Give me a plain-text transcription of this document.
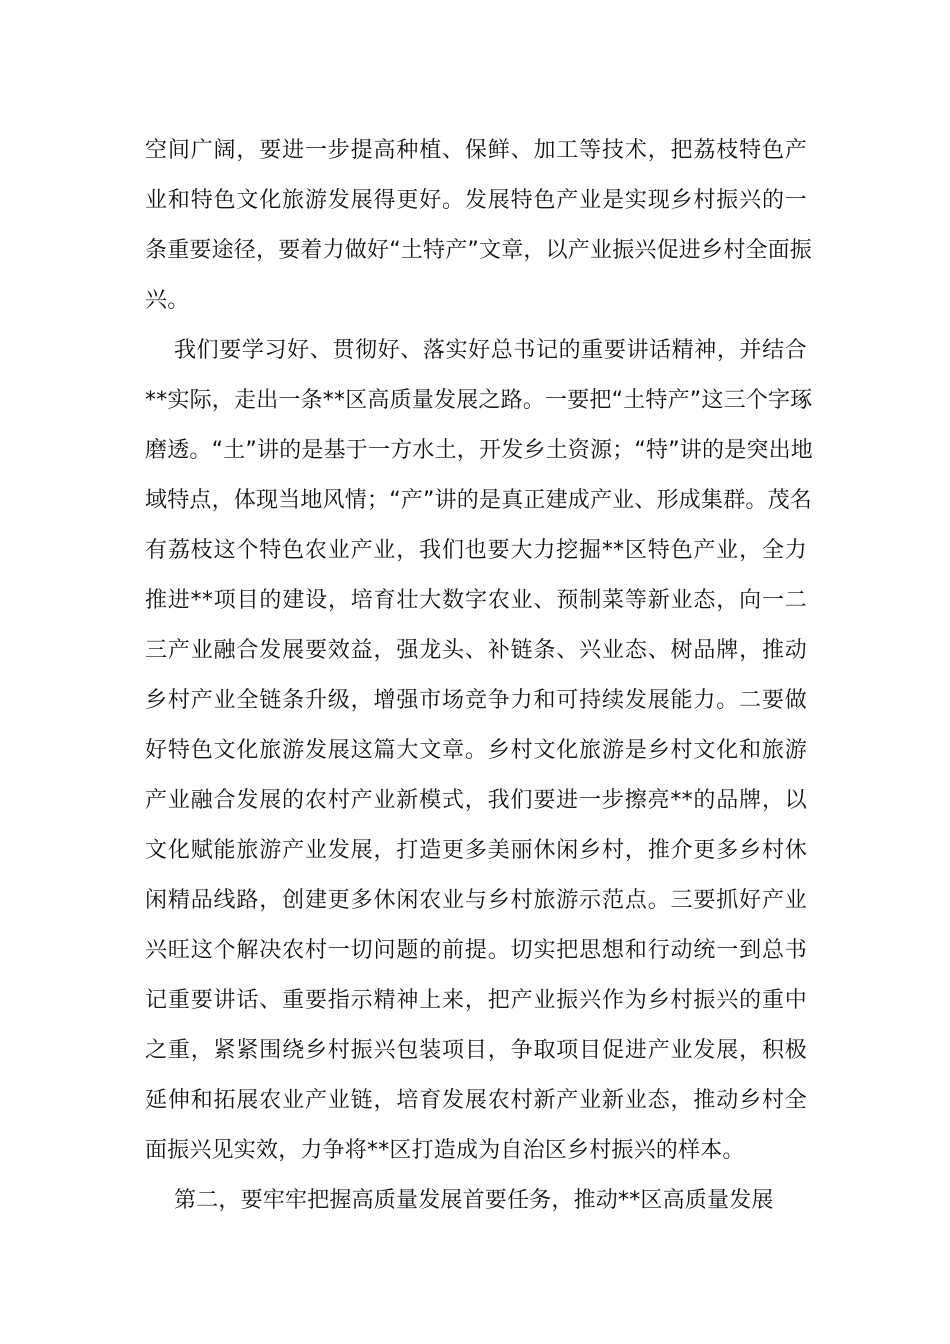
空间广阔，要进一步提高种植、保鲜、加工等技术，把荔枝特色产
业和特色文化旅游发展得更好。发展特色产业是实现乡村振兴的一
条重要途径，要着力做好“土特产”文章，以产业振兴促进乡村全面振
兴。
我们要学习好、贯彻好、落实好总书记的重要讲话精神，并结合
**实际，走出一条**区高质量发展之路。一要把“土特产”这三个字琢
磨透。“土”讲的是基于一方水土，开发乡土资源；“特”讲的是突出地
域特点，体现当地风情；“产”讲的是真正建成产业、形成集群。茂名
有荔枝这个特色农业产业，我们也要大力挖掘**区特色产业，全力
推进**项目的建设，培育壮大数字农业、预制菜等新业态，向一二
三产业融合发展要效益，强龙头、补链条、兴业态、树品牌，推动
乡村产业全链条升级，增强市场竞争力和可持续发展能力。二要做
好特色文化旅游发展这篇大文章。乡村文化旅游是乡村文化和旅游
产业融合发展的农村产业新模式，我们要进一步擦亮**的品牌，以
文化赋能旅游产业发展，打造更多美丽休闲乡村，推介更多乡村休
闲精品线路，创建更多休闲农业与乡村旅游示范点。三要抓好产业
兴旺这个解决农村一切问题的前提。切实把思想和行动统一到总书
记重要讲话、重要指示精神上来，把产业振兴作为乡村振兴的重中
之重，紧紧围绕乡村振兴包装项目，争取项目促进产业发展，积极
延伸和拓展农业产业链，培育发展农村新产业新业态，推动乡村全
面振兴见实效，力争将**区打造成为自治区乡村振兴的样本。
第二，要牢牢把握高质量发展首要任务，推动**区高质量发展
